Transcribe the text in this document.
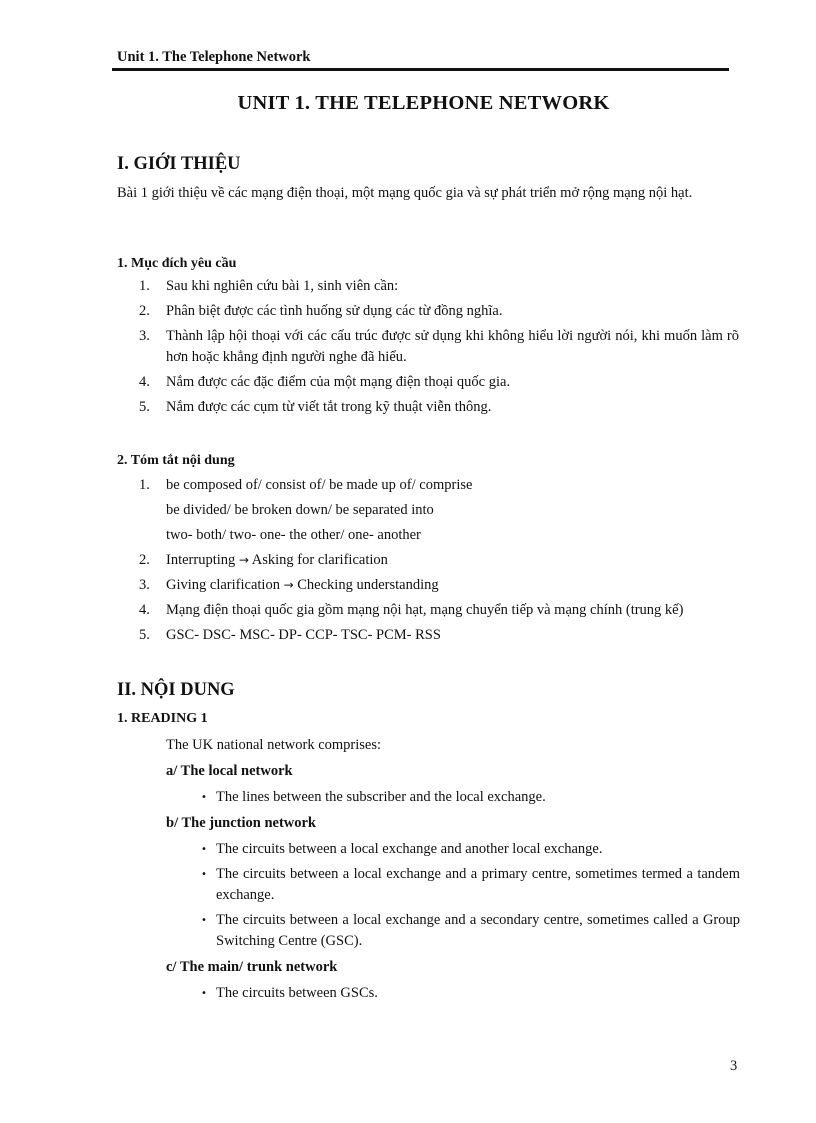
Unit 1. The Telephone Network
UNIT 1. THE TELEPHONE NETWORK
I. GIỚI THIỆU
Bài 1 giới thiệu về các mạng điện thoại, một mạng quốc gia và sự phát triển mở rộng mạng nội hạt.
1. Mục đích yêu cầu
1. Sau khi nghiên cứu bài 1, sinh viên cần:
2. Phân biệt được các tình huống sử dụng các từ đồng nghĩa.
3. Thành lập hội thoại với các cấu trúc được sử dụng khi không hiểu lời người nói, khi muốn làm rõ hơn hoặc khẳng định người nghe đã hiểu.
4. Nắm được các đặc điểm của một mạng điện thoại quốc gia.
5. Nắm được các cụm từ viết tắt trong kỹ thuật viễn thông.
2. Tóm tắt nội dung
1. be composed of/ consist of/ be made up of/ comprise
be divided/ be broken down/ be separated into
two- both/ two- one- the other/ one- another
2. Interrupting → Asking for clarification
3. Giving clarification → Checking understanding
4. Mạng điện thoại quốc gia gồm mạng nội hạt, mạng chuyển tiếp và mạng chính (trung kế)
5. GSC- DSC- MSC- DP- CCP- TSC- PCM- RSS
II. NỘI DUNG
1. READING 1
The UK national network comprises:
a/ The local network
• The lines between the subscriber and the local exchange.
b/ The junction network
• The circuits between a local exchange and another local exchange.
• The circuits between a local exchange and a primary centre, sometimes termed a tandem exchange.
• The circuits between a local exchange and a secondary centre, sometimes called a Group Switching Centre (GSC).
c/ The main/ trunk network
• The circuits between GSCs.
3
